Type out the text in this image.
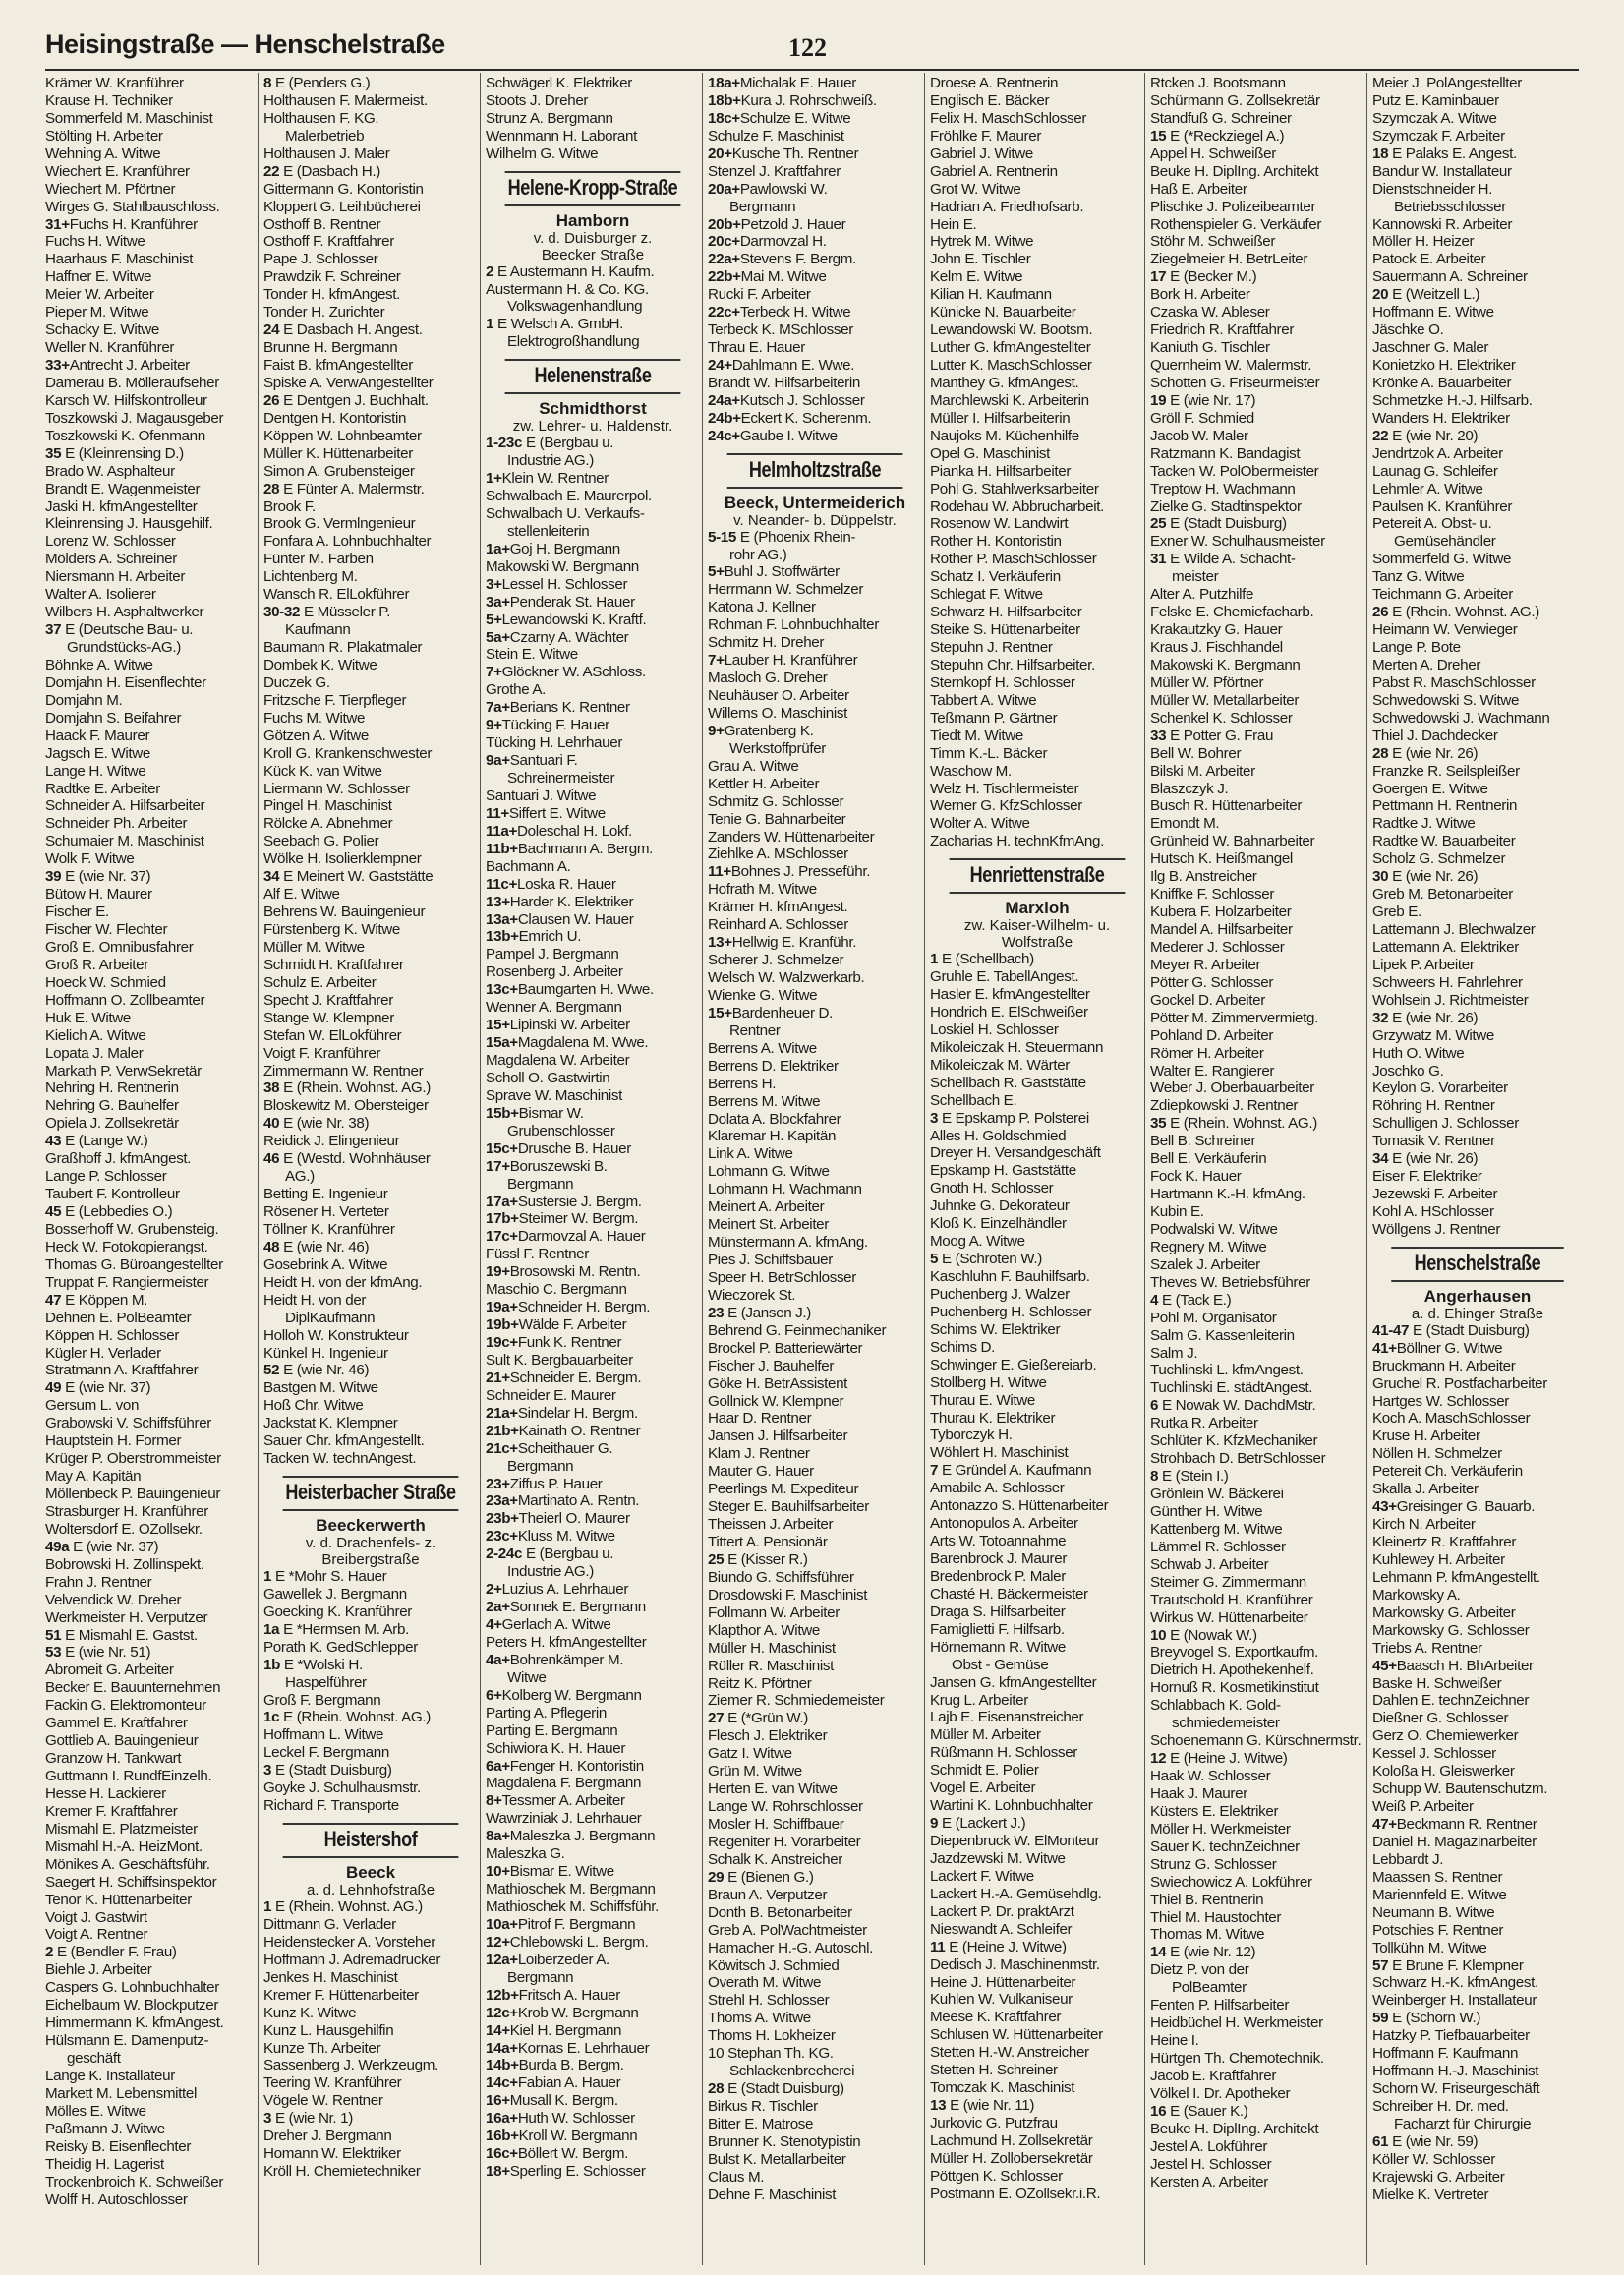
Heisingstraße — Henschelstraße	122
Krämer W. Kranführer
Krause H. Techniker
Sommerfeld M. Maschinist
Stölting H. Arbeiter
Wehning A. Witwe
Wiechert E. Kranführer
Wiechert M. Pförtner
Wirges G. Stahlbauschloss.
31+Fuchs H. Kranführer
Fuchs H. Witwe
Haarhaus F. Maschinist
Haffner E. Witwe
Meier W. Arbeiter
Pieper M. Witwe
Schacky E. Witwe
Weller N. Kranführer
33+Antrecht J. Arbeiter
Damerau B. Mölleraufseher
Karsch W. Hilfskontrolleur
Toszkowski J. Magausgeber
Toszkowski K. Ofenmann
35 E (Kleinrensing D.)
Brado W. Asphalteur
Brandt E. Wagenmeister
Jaski H. kfmAngestellter
Kleinrensing J. Hausgehilf.
Lorenz W. Schlosser
Mölders A. Schreiner
Niersmann H. Arbeiter
Walter A. Isolierer
Wilbers H. Asphaltwerker
37 E (Deutsche Bau- u.
Grundstücks-AG.)
Böhnke A. Witwe
Domjahn H. Eisenflechter
Domjahn M.
Domjahn S. Beifahrer
Haack F. Maurer
Jagsch E. Witwe
Lange H. Witwe
Radtke E. Arbeiter
Schneider A. Hilfsarbeiter
Schneider Ph. Arbeiter
Schumaier M. Maschinist
Wolk F. Witwe
39 E (wie Nr. 37)
Bütow H. Maurer
Fischer E.
Fischer W. Flechter
Groß E. Omnibusfahrer
Groß R. Arbeiter
Hoeck W. Schmied
Hoffmann O. Zollbeamter
Huk E. Witwe
Kielich A. Witwe
Lopata J. Maler
Markath P. VerwSekretär
Nehring H. Rentnerin
Nehring G. Bauhelfer
Opiela J. Zollsekretär
43 E (Lange W.)
Graßhoff J. kfmAngest.
Lange P. Schlosser
Taubert F. Kontrolleur
45 E (Lebbedies O.)
Bosserhoff W. Grubensteig.
Heck W. Fotokopierangst.
Thomas G. Büroangestellter
Truppat F. Rangiermeister
47 E Köppen M.
Dehnen E. PolBeamter
Köppen H. Schlosser
Kügler H. Verlader
Stratmann A. Kraftfahrer
49 E (wie Nr. 37)
Gersum L. von
Grabowski V. Schiffsführer
Hauptstein H. Former
Krüger P. Oberstrommeister
May A. Kapitän
Möllenbeck P. Bauingenieur
Strasburger H. Kranführer
Woltersdorf E. OZollsekr.
49a E (wie Nr. 37)
Bobrowski H. Zollinspekt.
Frahn J. Rentner
Velvendick W. Dreher
Werkmeister H. Verputzer
51 E Mismahl E. Gastst.
53 E (wie Nr. 51)
Abromeit G. Arbeiter
Becker E. Bauunternehmen
Fackin G. Elektromonteur
Gammel E. Kraftfahrer
Gottlieb A. Bauingenieur
Granzow H. Tankwart
Guttmann I. RundfEinzelh.
Hesse H. Lackierer
Kremer F. Kraftfahrer
Mismahl E. Platzmeister
Mismahl H.-A. HeizMont.
Mönikes A. Geschäftsführ.
Saegert H. Schiffsinspektor
Tenor K. Hüttenarbeiter
Voigt J. Gastwirt
Voigt A. Rentner
2 E (Bendler F. Frau)
Biehle J. Arbeiter
Caspers G. Lohnbuchhalter
Eichelbaum W. Blockputzer
Himmermann K. kfmAngest.
Hülsmann E. Damenputz-
geschäft
Lange K. Installateur
Markett M. Lebensmittel
Mölles E. Witwe
Paßmann J. Witwe
Reisky B. Eisenflechter
Theidig H. Lagerist
Trockenbroich K. Schweißer
Wolff H. Autoschlosser
8 E (Penders G.)
Holthausen F. Malermeist.
Holthausen F. KG.
Malerbetrieb
Holthausen J. Maler
22 E (Dasbach H.)
Gittermann G. Kontoristin
Kloppert G. Leihbücherei
Osthoff B. Rentner
Osthoff F. Kraftfahrer
Pape J. Schlosser
Prawdzik F. Schreiner
Tonder H. kfmAngest.
Tonder H. Zurichter
24 E Dasbach H. Angest.
Brunne H. Bergmann
Faist B. kfmAngestellter
Spiske A. VerwAngestellter
26 E Dentgen J. Buchhalt.
Dentgen H. Kontoristin
Köppen W. Lohnbeamter
Müller K. Hüttenarbeiter
Simon A. Grubensteiger
28 E Fünter A. Malermstr.
Brook F.
Brook G. Vermlngenieur
Fonfara A. Lohnbuchhalter
Fünter M. Farben
Lichtenberg M.
Wansch R. ElLokführer
30-32 E Müsseler P.
Kaufmann
Baumann R. Plakatmaler
Dombek K. Witwe
Duczek G.
Fritzsche F. Tierpfleger
Fuchs M. Witwe
Götzen A. Witwe
Kroll G. Krankenschwester
Kück K. van Witwe
Liermann W. Schlosser
Pingel H. Maschinist
Rölcke A. Abnehmer
Seebach G. Polier
Wölke H. Isolierklempner
34 E Meinert W. Gaststätte
Alf E. Witwe
Behrens W. Bauingenieur
Fürstenberg K. Witwe
Müller M. Witwe
Schmidt H. Kraftfahrer
Schulz E. Arbeiter
Specht J. Kraftfahrer
Stange W. Klempner
Stefan W. ElLokführer
Voigt F. Kranführer
Zimmermann W. Rentner
38 E (Rhein. Wohnst. AG.)
Bloskewitz M. Obersteiger
40 E (wie Nr. 38)
Reidick J. Elingenieur
46 E (Westd. Wohnhäuser
AG.)
Betting E. Ingenieur
Rösener H. Verteter
Töllner K. Kranführer
48 E (wie Nr. 46)
Gosebrink A. Witwe
Heidt H. von der kfmAng.
Heidt H. von der
DiplKaufmann
Holloh W. Konstrukteur
Künkel H. Ingenieur
52 E (wie Nr. 46)
Bastgen M. Witwe
Hoß Chr. Witwe
Jackstat K. Klempner
Sauer Chr. kfmAngestellt.
Tacken W. technAngest.
Heisterbacher Straße
Beeckerwerth
v. d. Drachenfels- z.
Breibergstraße
1 E *Mohr S. Hauer
Gawellek J. Bergmann
Goecking K. Kranführer
1a E *Hermsen M. Arb.
Porath K. GedSchlepper
1b E *Wolski H.
Haspelführer
Groß F. Bergmann
1c E (Rhein. Wohnst. AG.)
Hoffmann L. Witwe
Leckel F. Bergmann
3 E (Stadt Duisburg)
Goyke J. Schulhausmstr.
Richard F. Transporte
Heistershof
Beeck
a. d. Lehnhofstraße
1 E (Rhein. Wohnst. AG.)
Dittmann G. Verlader
Heidenstecker A. Vorsteher
Hoffmann J. Adremadrucker
Jenkes H. Maschinist
Kremer F. Hüttenarbeiter
Kunz K. Witwe
Kunz L. Hausgehilfin
Kunze Th. Arbeiter
Sassenberg J. Werkzeugm.
Teering W. Kranführer
Vögele W. Rentner
3 E (wie Nr. 1)
Dreher J. Bergmann
Homann W. Elektriker
Kröll H. Chemietechniker
Schwägerl K. Elektriker
Stoots J. Dreher
Strunz A. Bergmann
Wennmann H. Laborant
Wilhelm G. Witwe
Helene-Kropp-Straße
Hamborn
v. d. Duisburger z.
Beecker Straße
2 E Austermann H. Kaufm.
Austermann H. & Co. KG.
Volkswagenhandlung
1 E Welsch A. GmbH.
Elektrogroßhandlung
Helenenstraße
Schmidthorst
zw. Lehrer- u. Haldenstr.
1-23c E (Bergbau u.
Industrie AG.)
1+Klein W. Rentner
Schwalbach E. Maurerpol.
Schwalbach U. Verkaufs-
stellenleiterin
1a+Goj H. Bergmann
Makowski W. Bergmann
3+Lessel H. Schlosser
3a+Penderak St. Hauer
5+Lewandowski K. Kraftf.
5a+Czarny A. Wächter
Stein E. Witwe
7+Glöckner W. ASchloss.
Grothe A.
7a+Berians K. Rentner
9+Tücking F. Hauer
Tücking H. Lehrhauer
9a+Santuari F.
Schreinermeister
Santuari J. Witwe
11+Siffert E. Witwe
11a+Doleschal H. Lokf.
11b+Bachmann A. Bergm.
Bachmann A.
11c+Loska R. Hauer
13+Harder K. Elektriker
13a+Clausen W. Hauer
13b+Emrich U.
Pampel J. Bergmann
Rosenberg J. Arbeiter
13c+Baumgarten H. Wwe.
Wenner A. Bergmann
15+Lipinski W. Arbeiter
15a+Magdalena M. Wwe.
Magdalena W. Arbeiter
Scholl O. Gastwirtin
Sprave W. Maschinist
15b+Bismar W.
Grubenschlosser
15c+Drusche B. Hauer
17+Boruszewski B.
Bergmann
17a+Sustersie J. Bergm.
17b+Steimer W. Bergm.
17c+Darmovzal A. Hauer
Füssl F. Rentner
19+Brosowski M. Rentn.
Maschio C. Bergmann
19a+Schneider H. Bergm.
19b+Wälde F. Arbeiter
19c+Funk K. Rentner
Sult K. Bergbauarbeiter
21+Schneider E. Bergm.
Schneider E. Maurer
21a+Sindelar H. Bergm.
21b+Kainath O. Rentner
21c+Scheithauer G.
Bergmann
23+Ziffus P. Hauer
23a+Martinato A. Rentn.
23b+Theierl O. Maurer
23c+Kluss M. Witwe
2-24c E (Bergbau u.
Industrie AG.)
2+Luzius A. Lehrhauer
2a+Sonnek E. Bergmann
4+Gerlach A. Witwe
Peters H. kfmAngestellter
4a+Bohrenkämper M.
Witwe
6+Kolberg W. Bergmann
Parting A. Pflegerin
Parting E. Bergmann
Schiwiora K. H. Hauer
6a+Fenger H. Kontoristin
Magdalena F. Bergmann
8+Tessmer A. Arbeiter
Wawrziniak J. Lehrhauer
8a+Maleszka J. Bergmann
Maleszka G.
10+Bismar E. Witwe
Mathioschek M. Bergmann
Mathioschek M. Schiffsführ.
10a+Pitrof F. Bergmann
12+Chlebowski L. Bergm.
12a+Loiberzeder A.
Bergmann
12b+Fritsch A. Hauer
12c+Krob W. Bergmann
14+Kiel H. Bergmann
14a+Kornas E. Lehrhauer
14b+Burda B. Bergm.
14c+Fabian A. Hauer
16+Musall K. Bergm.
16a+Huth W. Schlosser
16b+Kroll W. Bergmann
16c+Böllert W. Bergm.
18+Sperling E. Schlosser
18a+Michalak E. Hauer
18b+Kura J. Rohrschweiß.
18c+Schulze E. Witwe
Schulze F. Maschinist
20+Kusche Th. Rentner
Stenzel J. Kraftfahrer
20a+Pawlowski W.
Bergmann
20b+Petzold J. Hauer
20c+Darmovzal H.
22a+Stevens F. Bergm.
22b+Mai M. Witwe
Rucki F. Arbeiter
22c+Terbeck H. Witwe
Terbeck K. MSchlosser
Thrau E. Hauer
24+Dahlmann E. Wwe.
Brandt W. Hilfsarbeiterin
24a+Kutsch J. Schlosser
24b+Eckert K. Scherenm.
24c+Gaube I. Witwe
Helmholtzstraße
Beeck, Untermeiderich
v. Neander- b. Düppelstr.
5-15 E (Phoenix Rhein-
rohr AG.)
5+Buhl J. Stoffwärter
Herrmann W. Schmelzer
Katona J. Kellner
Rohman F. Lohnbuchhalter
Schmitz H. Dreher
7+Lauber H. Kranführer
Masloch G. Dreher
Neuhäuser O. Arbeiter
Willems O. Maschinist
9+Gratenberg K.
Werkstoffprüfer
Grau A. Witwe
Kettler H. Arbeiter
Schmitz G. Schlosser
Tenie G. Bahnarbeiter
Zanders W. Hüttenarbeiter
Ziehlke A. MSchlosser
11+Bohnes J. Presseführ.
Hofrath M. Witwe
Krämer H. kfmAngest.
Reinhard A. Schlosser
13+Hellwig E. Kranführ.
Scherer J. Schmelzer
Welsch W. Walzwerkarb.
Wienke G. Witwe
15+Bardenheuer D.
Rentner
Berrens A. Witwe
Berrens D. Elektriker
Berrens H.
Berrens M. Witwe
Dolata A. Blockfahrer
Klaremar H. Kapitän
Link A. Witwe
Lohmann G. Witwe
Lohmann H. Wachmann
Meinert A. Arbeiter
Meinert St. Arbeiter
Münstermann A. kfmAng.
Pies J. Schiffsbauer
Speer H. BetrSchlosser
Wieczorek St.
23 E (Jansen J.)
Behrend G. Feinmechaniker
Brockel P. Batteriewärter
Fischer J. Bauhelfer
Göke H. BetrAssistent
Gollnick W. Klempner
Haar D. Rentner
Jansen J. Hilfsarbeiter
Klam J. Rentner
Mauter G. Hauer
Peerlings M. Expediteur
Steger E. Bauhilfsarbeiter
Theissen J. Arbeiter
Tittert A. Pensionär
25 E (Kisser R.)
Biundo G. Schiffsführer
Drosdowski F. Maschinist
Follmann W. Arbeiter
Klapthor A. Witwe
Müller H. Maschinist
Rüller R. Maschinist
Reitz K. Pförtner
Ziemer R. Schmiedemeister
27 E (*Grün W.)
Flesch J. Elektriker
Gatz I. Witwe
Grün M. Witwe
Herten E. van Witwe
Lange W. Rohrschlosser
Mosler H. Schiffbauer
Regeniter H. Vorarbeiter
Schalk K. Anstreicher
29 E (Bienen G.)
Braun A. Verputzer
Donth B. Betonarbeiter
Greb A. PolWachtmeister
Hamacher H.-G. Autoschl.
Köwitsch J. Schmied
Overath M. Witwe
Strehl H. Schlosser
Thoms A. Witwe
Thoms H. Lokheizer
10 Stephan Th. KG.
Schlackenbrecherei
28 E (Stadt Duisburg)
Birkus R. Tischler
Bitter E. Matrose
Brunner K. Stenotypistin
Bulst K. Metallarbeiter
Claus M.
Dehne F. Maschinist
Droese A. Rentnerin
Englisch E. Bäcker
Felix H. MaschSchlosser
Fröhlke F. Maurer
Gabriel J. Witwe
Gabriel A. Rentnerin
Grot W. Witwe
Hadrian A. Friedhofsarb.
Hein E.
Hytrek M. Witwe
John E. Tischler
Kelm E. Witwe
Kilian H. Kaufmann
Künicke N. Bauarbeiter
Lewandowski W. Bootsm.
Luther G. kfmAngestellter
Lutter K. MaschSchlosser
Manthey G. kfmAngest.
Marchlewski K. Arbeiterin
Müller I. Hilfsarbeiterin
Naujoks M. Küchenhilfe
Opel G. Maschinist
Pianka H. Hilfsarbeiter
Pohl G. Stahlwerksarbeiter
Rodehau W. Abbrucharbeit.
Rosenow W. Landwirt
Rother H. Kontoristin
Rother P. MaschSchlosser
Schatz I. Verkäuferin
Schlegat F. Witwe
Schwarz H. Hilfsarbeiter
Steike S. Hüttenarbeiter
Stepuhn J. Rentner
Stepuhn Chr. Hilfsarbeiter.
Sternkopf H. Schlosser
Tabbert A. Witwe
Teßmann P. Gärtner
Tiedt M. Witwe
Timm K.-L. Bäcker
Waschow M.
Welz H. Tischlermeister
Werner G. KfzSchlosser
Wolter A. Witwe
Zacharias H. technKfmAng.
Henriettenstraße
Marxloh
zw. Kaiser-Wilhelm- u.
Wolfstraße
1 E (Schellbach)
Gruhle E. TabellAngest.
Hasler E. kfmAngestellter
Hondrich E. ElSchweißer
Loskiel H. Schlosser
Mikoleiczak H. Steuermann
Mikoleiczak M. Wärter
Schellbach R. Gaststätte
Schellbach E.
3 E Epskamp P. Polsterei
Alles H. Goldschmied
Dreyer H. Versandgeschäft
Epskamp H. Gaststätte
Gnoth H. Schlosser
Juhnke G. Dekorateur
Kloß K. Einzelhändler
Moog A. Witwe
5 E (Schroten W.)
Kaschluhn F. Bauhilfsarb.
Puchenberg J. Walzer
Puchenberg H. Schlosser
Schims W. Elektriker
Schims D.
Schwinger E. Gießereiarb.
Stollberg H. Witwe
Thurau E. Witwe
Thurau K. Elektriker
Tyborczyk H.
Wöhlert H. Maschinist
7 E Gründel A. Kaufmann
Amabile A. Schlosser
Antonazzo S. Hüttenarbeiter
Antonopulos A. Arbeiter
Arts W. Totoannahme
Barenbrock J. Maurer
Bredenbrock P. Maler
Chasté H. Bäckermeister
Draga S. Hilfsarbeiter
Famiglietti F. Hilfsarb.
Hörnemann R. Witwe
Obst - Gemüse
Jansen G. kfmAngestellter
Krug L. Arbeiter
Lajb E. Eisenanstreicher
Müller M. Arbeiter
Rüßmann H. Schlosser
Schmidt E. Polier
Vogel E. Arbeiter
Wartini K. Lohnbuchhalter
9 E (Lackert J.)
Diepenbruck W. ElMonteur
Jazdzewski M. Witwe
Lackert F. Witwe
Lackert H.-A. Gemüsehdlg.
Lackert P. Dr. praktArzt
Nieswandt A. Schleifer
11 E (Heine J. Witwe)
Dedisch J. Maschinenmstr.
Heine J. Hüttenarbeiter
Kuhlen W. Vulkaniseur
Meese K. Kraftfahrer
Schlusen W. Hüttenarbeiter
Stetten H.-W. Anstreicher
Stetten H. Schreiner
Tomczak K. Maschinist
13 E (wie Nr. 11)
Jurkovic G. Putzfrau
Lachmund H. Zollsekretär
Müller H. Zollobersekretär
Pöttgen K. Schlosser
Postmann E. OZollsekr.i.R.
Rtcken J. Bootsmann
Schürmann G. Zollsekretär
Standfuß G. Schreiner
15 E (*Reckziegel A.)
Appel H. Schweißer
Beuke H. DiplIng. Architekt
Haß E. Arbeiter
Plischke J. Polizeibeamter
Rothenspieler G. Verkäufer
Stöhr M. Schweißer
Ziegelmeier H. BetrLeiter
17 E (Becker M.)
Bork H. Arbeiter
Czaska W. Ableser
Friedrich R. Kraftfahrer
Kaniuth G. Tischler
Quernheim W. Malermstr.
Schotten G. Friseurmeister
19 E (wie Nr. 17)
Gröll F. Schmied
Jacob W. Maler
Ratzmann K. Bandagist
Tacken W. PolObermeister
Treptow H. Wachmann
Zielke G. Stadtinspektor
25 E (Stadt Duisburg)
Exner W. Schulhausmeister
31 E Wilde A. Schacht-
meister
Alter A. Putzhilfe
Felske E. Chemiefacharb.
Krakautzky G. Hauer
Kraus J. Fischhandel
Makowski K. Bergmann
Müller W. Pförtner
Müller W. Metallarbeiter
Schenkel K. Schlosser
33 E Potter G. Frau
Bell W. Bohrer
Bilski M. Arbeiter
Blaszczyk J.
Busch R. Hüttenarbeiter
Emondt M.
Grünheid W. Bahnarbeiter
Hutsch K. Heißmangel
Ilg B. Anstreicher
Kniffke F. Schlosser
Kubera F. Holzarbeiter
Mandel A. Hilfsarbeiter
Mederer J. Schlosser
Meyer R. Arbeiter
Pötter G. Schlosser
Gockel D. Arbeiter
Pötter M. Zimmervermietg.
Pohland D. Arbeiter
Römer H. Arbeiter
Walter E. Rangierer
Weber J. Oberbauarbeiter
Zdiepkowski J. Rentner
35 E (Rhein. Wohnst. AG.)
Bell B. Schreiner
Bell E. Verkäuferin
Fock K. Hauer
Hartmann K.-H. kfmAng.
Kubin E.
Podwalski W. Witwe
Regnery M. Witwe
Szalek J. Arbeiter
Theves W. Betriebsführer
4 E (Tack E.)
Pohl M. Organisator
Salm G. Kassenleiterin
Salm J.
Tuchlinski L. kfmAngest.
Tuchlinski E. städtAngest.
6 E Nowak W. DachdMstr.
Rutka R. Arbeiter
Schlüter K. KfzMechaniker
Strohbach D. BetrSchlosser
8 E (Stein I.)
Grönlein W. Bäckerei
Günther H. Witwe
Kattenberg M. Witwe
Lämmel R. Schlosser
Schwab J. Arbeiter
Steimer G. Zimmermann
Trautschold H. Kranführer
Wirkus W. Hüttenarbeiter
10 E (Nowak W.)
Breyvogel S. Exportkaufm.
Dietrich H. Apothekenhelf.
Hornuß R. Kosmetikinstitut
Schlabbach K. Gold-
schmiedemeister
Schoenemann G. Kürschnermstr.
12 E (Heine J. Witwe)
Haak W. Schlosser
Haak J. Maurer
Küsters E. Elektriker
Möller H. Werkmeister
Sauer K. technZeichner
Strunz G. Schlosser
Swiechowicz A. Lokführer
Thiel B. Rentnerin
Thiel M. Haustochter
Thomas M. Witwe
14 E (wie Nr. 12)
Dietz P. von der
PolBeamter
Fenten P. Hilfsarbeiter
Heidbüchel H. Werkmeister
Heine I.
Hürtgen Th. Chemotechnik.
Jacob E. Kraftfahrer
Völkel I. Dr. Apotheker
16 E (Sauer K.)
Beuke H. DiplIng. Architekt
Jestel A. Lokführer
Jestel H. Schlosser
Kersten A. Arbeiter
Meier J. PolAngestellter
Putz E. Kaminbauer
Szymczak A. Witwe
Szymczak F. Arbeiter
18 E Palaks E. Angest.
Bandur W. Installateur
Dienstschneider H.
Betriebsschlosser
Kannowski R. Arbeiter
Möller H. Heizer
Patock E. Arbeiter
Sauermann A. Schreiner
20 E (Weitzell L.)
Hoffmann E. Witwe
Jäschke O.
Jaschner G. Maler
Konietzko H. Elektriker
Krönke A. Bauarbeiter
Schmetzke H.-J. Hilfsarb.
Wanders H. Elektriker
22 E (wie Nr. 20)
Jendrtzok A. Arbeiter
Launag G. Schleifer
Lehmler A. Witwe
Paulsen K. Kranführer
Petereit A. Obst- u.
Gemüsehändler
Sommerfeld G. Witwe
Tanz G. Witwe
Teichmann G. Arbeiter
26 E (Rhein. Wohnst. AG.)
Heimann W. Verwieger
Lange P. Bote
Merten A. Dreher
Pabst R. MaschSchlosser
Schwedowski S. Witwe
Schwedowski J. Wachmann
Thiel J. Dachdecker
28 E (wie Nr. 26)
Franzke R. Seilspleißer
Goergen E. Witwe
Pettmann H. Rentnerin
Radtke J. Witwe
Radtke W. Bauarbeiter
Scholz G. Schmelzer
30 E (wie Nr. 26)
Greb M. Betonarbeiter
Greb E.
Lattemann J. Blechwalzer
Lattemann A. Elektriker
Lipek P. Arbeiter
Schweers H. Fahrlehrer
Wohlsein J. Richtmeister
32 E (wie Nr. 26)
Grzywatz M. Witwe
Huth O. Witwe
Joschko G.
Keylon G. Vorarbeiter
Röhring H. Rentner
Schulligen J. Schlosser
Tomasik V. Rentner
34 E (wie Nr. 26)
Eiser F. Elektriker
Jezewski F. Arbeiter
Kohl A. HSchlosser
Wöllgens J. Rentner
Henschelstraße
Angerhausen
a. d. Ehinger Straße
41-47 E (Stadt Duisburg)
41+Böllner G. Witwe
Bruckmann H. Arbeiter
Gruchel R. Postfacharbeiter
Hartges W. Schlosser
Koch A. MaschSchlosser
Kruse H. Arbeiter
Nöllen H. Schmelzer
Petereit Ch. Verkäuferin
Skalla J. Arbeiter
43+Greisinger G. Bauarb.
Kirch N. Arbeiter
Kleinertz R. Kraftfahrer
Kuhlewey H. Arbeiter
Lehmann P. kfmAngestellt.
Markowsky A.
Markowsky G. Arbeiter
Markowsky G. Schlosser
Triebs A. Rentner
45+Baasch H. BhArbeiter
Baske H. Schweißer
Dahlen E. technZeichner
Dießner G. Schlosser
Gerz O. Chemiewerker
Kessel J. Schlosser
Koloßa H. Gleiswerker
Schupp W. Bautenschutzm.
Weiß P. Arbeiter
47+Beckmann R. Rentner
Daniel H. Magazinarbeiter
Lebbardt J.
Maassen S. Rentner
Mariennfeld E. Witwe
Neumann B. Witwe
Potschies F. Rentner
Tollkühn M. Witwe
57 E Brune F. Klempner
Schwarz H.-K. kfmAngest.
Weinberger H. Installateur
59 E (Schorn W.)
Hatzky P. Tiefbauarbeiter
Hoffmann F. Kaufmann
Hoffmann H.-J. Maschinist
Schorn W. Friseurgeschäft
Schreiber H. Dr. med.
Facharzt für Chirurgie
61 E (wie Nr. 59)
Köller W. Schlosser
Krajewski G. Arbeiter
Mielke K. Vertreter
